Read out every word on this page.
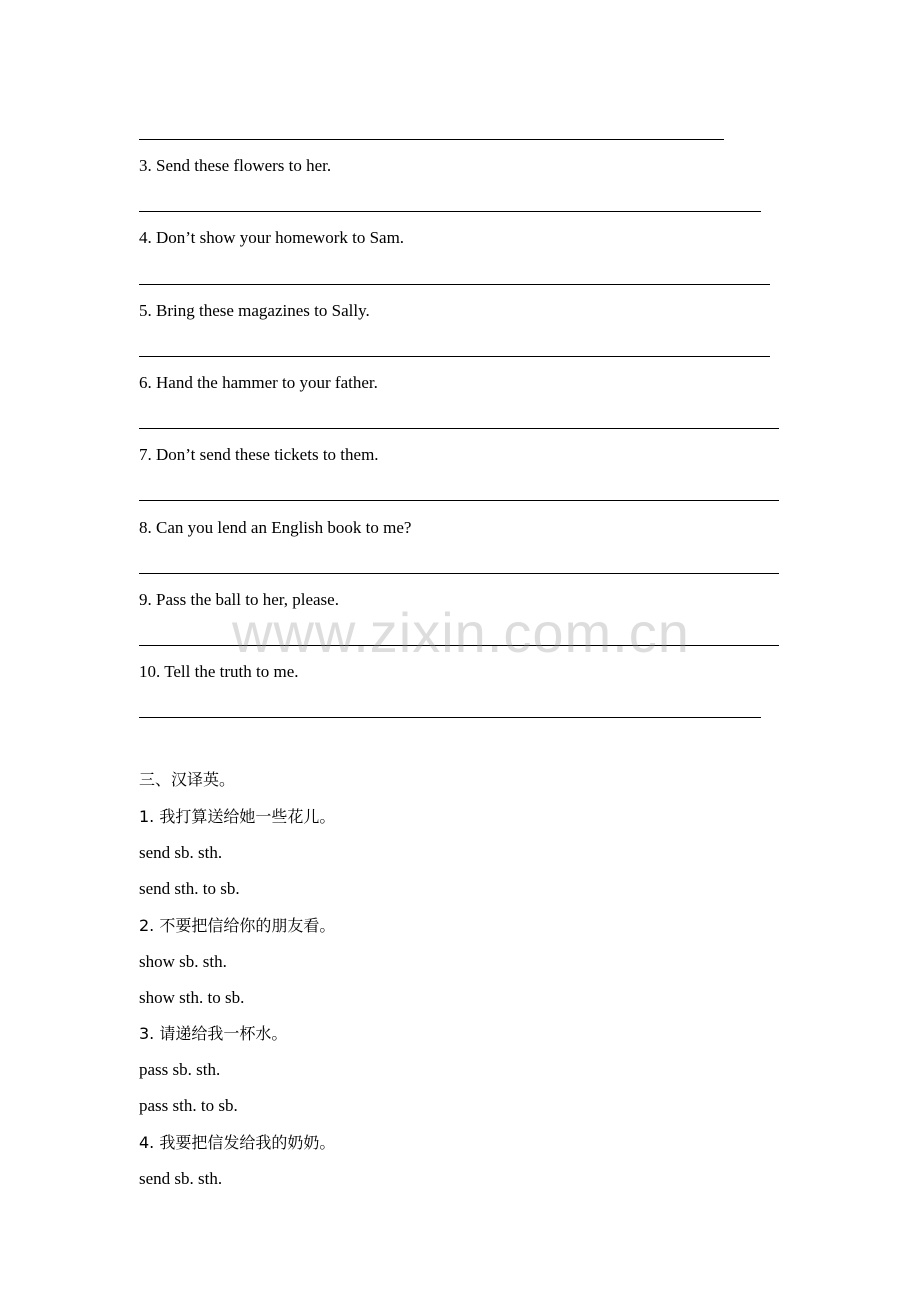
3. Send these flowers to her.
4. Don’t show your homework to Sam.
5. Bring these magazines to Sally.
6. Hand the hammer to your father.
7. Don’t send these tickets to them.
8. Can you lend an English book to me?
9. Pass the ball to her, please.
10. Tell the truth to me.
三、汉译英。
1. 我打算送给她一些花儿。
send sb. sth.
send sth. to sb.
2. 不要把信给你的朋友看。
show sb. sth.
show sth. to sb.
3. 请递给我一杯水。
pass sb. sth.
pass sth. to sb.
4. 我要把信发给我的奶奶。
send sb. sth.
www.zixin.com.cn
